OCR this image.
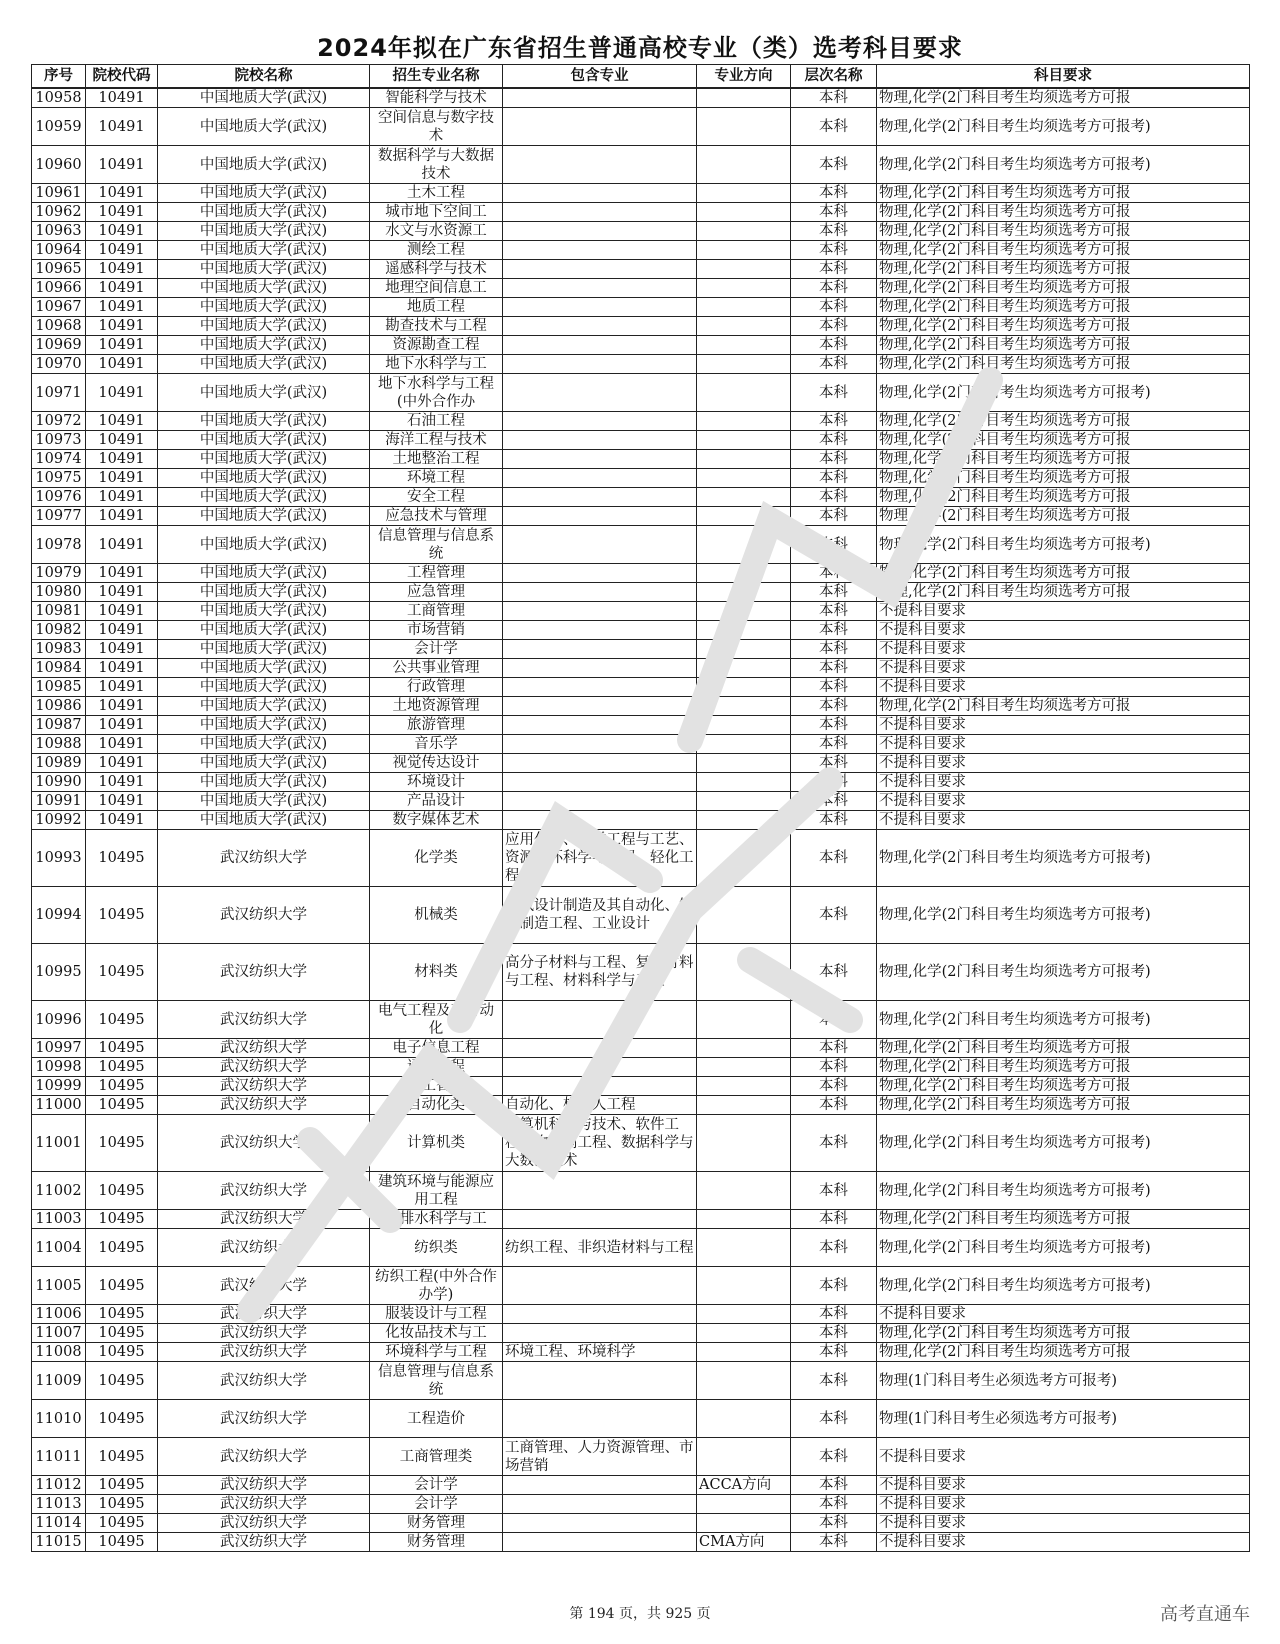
2024年拟在广东省招生普通高校专业（类）选考科目要求
序号	院校代码	院校名称	招生专业名称	包含专业	专业方向	层次名称	科目要求
10958	10491	中国地质大学(武汉)	智能科学与技术			本科	物理,化学(2门科目考生均须选考方可报
10959	10491	中国地质大学(武汉)	空间信息与数字技术			本科	物理,化学(2门科目考生均须选考方可报考)
10960	10491	中国地质大学(武汉)	数据科学与大数据技术			本科	物理,化学(2门科目考生均须选考方可报考)
10961	10491	中国地质大学(武汉)	土木工程			本科	物理,化学(2门科目考生均须选考方可报
10962	10491	中国地质大学(武汉)	城市地下空间工			本科	物理,化学(2门科目考生均须选考方可报
10963	10491	中国地质大学(武汉)	水文与水资源工			本科	物理,化学(2门科目考生均须选考方可报
10964	10491	中国地质大学(武汉)	测绘工程			本科	物理,化学(2门科目考生均须选考方可报
10965	10491	中国地质大学(武汉)	遥感科学与技术			本科	物理,化学(2门科目考生均须选考方可报
10966	10491	中国地质大学(武汉)	地理空间信息工			本科	物理,化学(2门科目考生均须选考方可报
10967	10491	中国地质大学(武汉)	地质工程			本科	物理,化学(2门科目考生均须选考方可报
10968	10491	中国地质大学(武汉)	勘查技术与工程			本科	物理,化学(2门科目考生均须选考方可报
10969	10491	中国地质大学(武汉)	资源勘查工程			本科	物理,化学(2门科目考生均须选考方可报
10970	10491	中国地质大学(武汉)	地下水科学与工			本科	物理,化学(2门科目考生均须选考方可报
10971	10491	中国地质大学(武汉)	地下水科学与工程(中外合作办			本科	物理,化学(2门科目考生均须选考方可报考)
10972	10491	中国地质大学(武汉)	石油工程			本科	物理,化学(2门科目考生均须选考方可报
10973	10491	中国地质大学(武汉)	海洋工程与技术			本科	物理,化学(2门科目考生均须选考方可报
10974	10491	中国地质大学(武汉)	土地整治工程			本科	物理,化学(2门科目考生均须选考方可报
10975	10491	中国地质大学(武汉)	环境工程			本科	物理,化学(2门科目考生均须选考方可报
10976	10491	中国地质大学(武汉)	安全工程			本科	物理,化学(2门科目考生均须选考方可报
10977	10491	中国地质大学(武汉)	应急技术与管理			本科	物理,化学(2门科目考生均须选考方可报
10978	10491	中国地质大学(武汉)	信息管理与信息系统			本科	物理,化学(2门科目考生均须选考方可报考)
10979	10491	中国地质大学(武汉)	工程管理			本科	物理,化学(2门科目考生均须选考方可报
10980	10491	中国地质大学(武汉)	应急管理			本科	物理,化学(2门科目考生均须选考方可报
10981	10491	中国地质大学(武汉)	工商管理			本科	不提科目要求
10982	10491	中国地质大学(武汉)	市场营销			本科	不提科目要求
10983	10491	中国地质大学(武汉)	会计学			本科	不提科目要求
10984	10491	中国地质大学(武汉)	公共事业管理			本科	不提科目要求
10985	10491	中国地质大学(武汉)	行政管理			本科	不提科目要求
10986	10491	中国地质大学(武汉)	土地资源管理			本科	物理,化学(2门科目考生均须选考方可报
10987	10491	中国地质大学(武汉)	旅游管理			本科	不提科目要求
10988	10491	中国地质大学(武汉)	音乐学			本科	不提科目要求
10989	10491	中国地质大学(武汉)	视觉传达设计			本科	不提科目要求
10990	10491	中国地质大学(武汉)	环境设计			本科	不提科目要求
10991	10491	中国地质大学(武汉)	产品设计			本科	不提科目要求
10992	10491	中国地质大学(武汉)	数字媒体艺术			本科	不提科目要求
10993	10495	武汉纺织大学	化学类	应用化学、化学工程与工艺、资源循环科学与工程、轻化工程		本科	物理,化学(2门科目考生均须选考方可报考)
10994	10495	武汉纺织大学	机械类	机械设计制造及其自动化、智能制造工程、工业设计		本科	物理,化学(2门科目考生均须选考方可报考)
10995	10495	武汉纺织大学	材料类	高分子材料与工程、复合材料与工程、材料科学与工程		本科	物理,化学(2门科目考生均须选考方可报考)
10996	10495	武汉纺织大学	电气工程及其自动化			本科	物理,化学(2门科目考生均须选考方可报考)
10997	10495	武汉纺织大学	电子信息工程			本科	物理,化学(2门科目考生均须选考方可报
10998	10495	武汉纺织大学	通信工程			本科	物理,化学(2门科目考生均须选考方可报
10999	10495	武汉纺织大学	人工智能			本科	物理,化学(2门科目考生均须选考方可报
11000	10495	武汉纺织大学	自动化类	自动化、机器人工程		本科	物理,化学(2门科目考生均须选考方可报
11001	10495	武汉纺织大学	计算机类	计算机科学与技术、软件工程、物联网工程、数据科学与大数据技术		本科	物理,化学(2门科目考生均须选考方可报考)
11002	10495	武汉纺织大学	建筑环境与能源应用工程			本科	物理,化学(2门科目考生均须选考方可报考)
11003	10495	武汉纺织大学	给排水科学与工			本科	物理,化学(2门科目考生均须选考方可报
11004	10495	武汉纺织大学	纺织类	纺织工程、非织造材料与工程		本科	物理,化学(2门科目考生均须选考方可报考)
11005	10495	武汉纺织大学	纺织工程(中外合作办学)			本科	物理,化学(2门科目考生均须选考方可报考)
11006	10495	武汉纺织大学	服装设计与工程			本科	不提科目要求
11007	10495	武汉纺织大学	化妆品技术与工			本科	物理,化学(2门科目考生均须选考方可报
11008	10495	武汉纺织大学	环境科学与工程	环境工程、环境科学		本科	物理,化学(2门科目考生均须选考方可报
11009	10495	武汉纺织大学	信息管理与信息系统			本科	物理(1门科目考生必须选考方可报考)
11010	10495	武汉纺织大学	工程造价			本科	物理(1门科目考生必须选考方可报考)
11011	10495	武汉纺织大学	工商管理类	工商管理、人力资源管理、市场营销		本科	不提科目要求
11012	10495	武汉纺织大学	会计学		ACCA方向	本科	不提科目要求
11013	10495	武汉纺织大学	会计学			本科	不提科目要求
11014	10495	武汉纺织大学	财务管理			本科	不提科目要求
11015	10495	武汉纺织大学	财务管理		CMA方向	本科	不提科目要求
第 194 页，共 925 页	高考直通车
